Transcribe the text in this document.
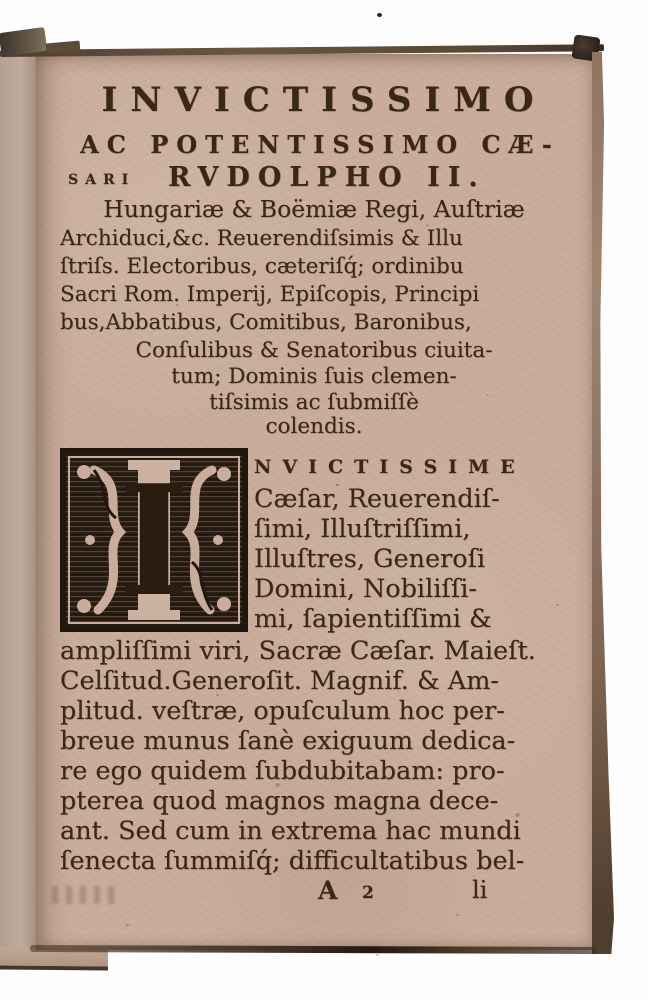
INVICTISSIMO
AC POTENTISSIMO CÆ-
SARI RVDOLPHO II.
Hungariæ & Boëmiæ Regi, Auſtriæ
Archiduci,&c. Reuerendiſsimis & Illu
ſtriſs. Electoribus, cæteriſq́; ordinibu
Sacri Rom. Imperij, Epiſcopis, Principi
bus,Abbatibus, Comitibus, Baronibus,
Conſulibus & Senatoribus ciuita-
tum; Dominis ſuis clemen-
tiſsimis ac ſubmiſſè
colendis.
I	NVICTISSIME
Cæſar, Reuerendiſ-
ſimi, Illuſtriſſimi,
Illuſtres, Generoſi
Domini, Nobiliſſi-
mi, ſapientiſſimi &
ampliſſimi viri, Sacræ Cæſar. Maieſt.
Celſitud.Generoſit. Magnif. & Am-
plitud. veſtræ, opuſculum hoc per-
breue munus ſanè exiguum dedica-
re ego quidem ſubdubitabam: pro-
pterea quod magnos magna dece-
ant. Sed cum in extrema hac mundi
ſenecta ſummiſq́; difficultatibus bel-
A 2	li
